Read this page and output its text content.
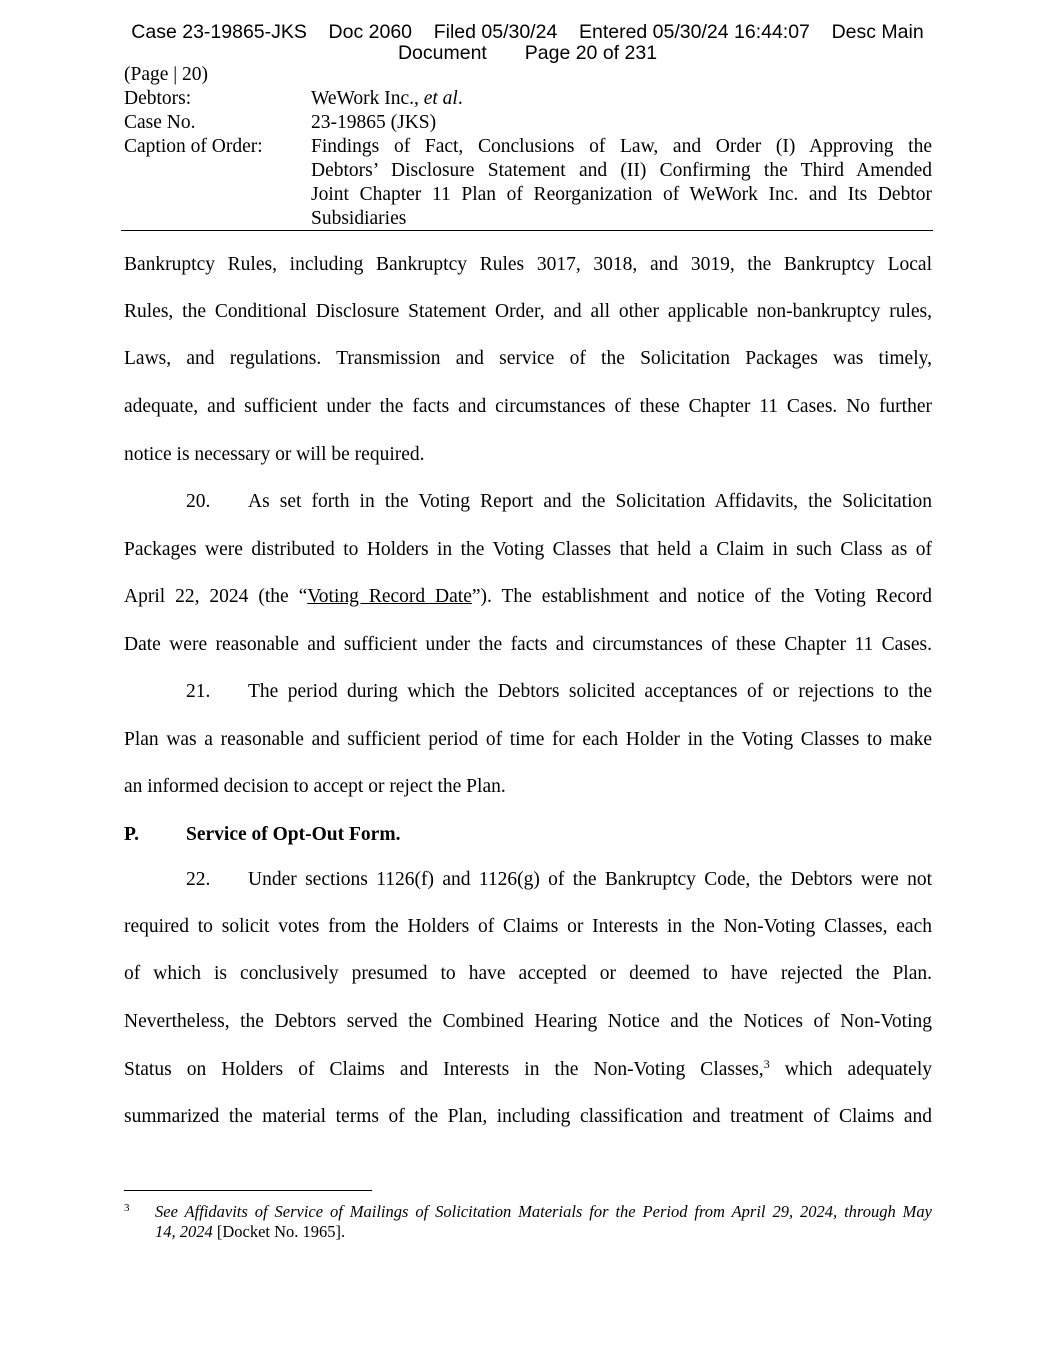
Case 23-19865-JKS    Doc 2060    Filed 05/30/24    Entered 05/30/24 16:44:07    Desc Main
Document       Page 20 of 231
(Page | 20)
Debtors:	WeWork Inc., et al.
Case No.	23-19865 (JKS)
Caption of Order: Findings of Fact, Conclusions of Law, and Order (I) Approving the
Debtors’ Disclosure Statement and (II) Confirming the Third Amended
Joint Chapter 11 Plan of Reorganization of WeWork Inc. and Its Debtor
Subsidiaries
Bankruptcy Rules, including Bankruptcy Rules 3017, 3018, and 3019, the Bankruptcy Local
Rules, the Conditional Disclosure Statement Order, and all other applicable non-bankruptcy rules,
Laws, and regulations. Transmission and service of the Solicitation Packages was timely,
adequate, and sufficient under the facts and circumstances of these Chapter 11 Cases. No further
notice is necessary or will be required.
20. As set forth in the Voting Report and the Solicitation Affidavits, the Solicitation
Packages were distributed to Holders in the Voting Classes that held a Claim in such Class as of
April 22, 2024 (the “Voting Record Date”). The establishment and notice of the Voting Record
Date were reasonable and sufficient under the facts and circumstances of these Chapter 11 Cases.
21. The period during which the Debtors solicited acceptances of or rejections to the
Plan was a reasonable and sufficient period of time for each Holder in the Voting Classes to make
an informed decision to accept or reject the Plan.
P. Service of Opt-Out Form.
22. Under sections 1126(f) and 1126(g) of the Bankruptcy Code, the Debtors were not
required to solicit votes from the Holders of Claims or Interests in the Non-Voting Classes, each
of which is conclusively presumed to have accepted or deemed to have rejected the Plan.
Nevertheless, the Debtors served the Combined Hearing Notice and the Notices of Non-Voting
Status on Holders of Claims and Interests in the Non-Voting Classes,$^3$ which adequately
summarized the material terms of the Plan, including classification and treatment of Claims and
3 See Affidavits of Service of Mailings of Solicitation Materials for the Period from April 29, 2024, through May
14, 2024 [Docket No. 1965].
